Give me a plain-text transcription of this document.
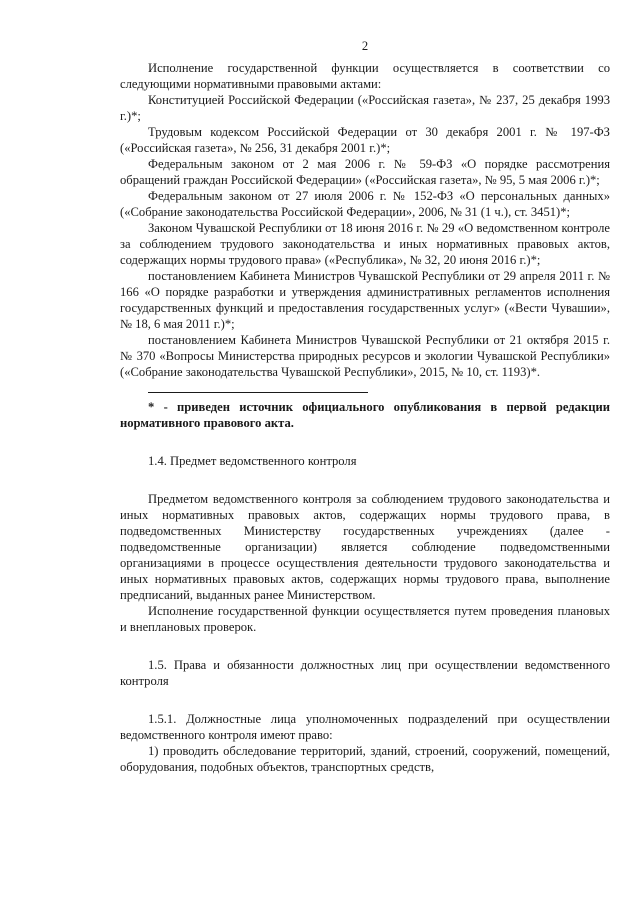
2

Исполнение государственной функции осуществляется в соответствии со следующими нормативными правовыми актами:

Конституцией Российской Федерации («Российская газета», № 237, 25 декабря 1993 г.)*;

Трудовым кодексом Российской Федерации от 30 декабря 2001 г. № 197-ФЗ («Российская газета», № 256, 31 декабря 2001 г.)*;

Федеральным законом от 2 мая 2006 г. № 59-ФЗ «О порядке рассмотрения обращений граждан Российской Федерации» («Российская газета», № 95, 5 мая 2006 г.)*;

Федеральным законом от 27 июля 2006 г. № 152-ФЗ «О персональных данных» («Собрание законодательства Российской Федерации», 2006, № 31 (1 ч.), ст. 3451)*;

Законом Чувашской Республики от 18 июня 2016 г. № 29 «О ведомственном контроле за соблюдением трудового законодательства и иных нормативных правовых актов, содержащих нормы трудового права» («Республика», № 32, 20 июня 2016 г.)*;

постановлением Кабинета Министров Чувашской Республики от 29 апреля 2011 г. № 166 «О порядке разработки и утверждения административных регламентов исполнения государственных функций и предоставления государственных услуг» («Вести Чувашии», № 18, 6 мая 2011 г.)*;

постановлением Кабинета Министров Чувашской Республики от 21 октября 2015 г. № 370 «Вопросы Министерства природных ресурсов и экологии Чувашской Республики» («Собрание законодательства Чувашской Республики», 2015, № 10, ст. 1193)*.

* - приведен источник официального опубликования в первой редакции нормативного правового акта.

1.4. Предмет ведомственного контроля

Предметом ведомственного контроля за соблюдением трудового законодательства и иных нормативных правовых актов, содержащих нормы трудового права, в подведомственных Министерству государственных учреждениях (далее - подведомственные организации) является соблюдение подведомственными организациями в процессе осуществления деятельности трудового законодательства и иных нормативных правовых актов, содержащих нормы трудового права, выполнение предписаний, выданных ранее Министерством.

Исполнение государственной функции осуществляется путем проведения плановых и внеплановых проверок.

1.5. Права и обязанности должностных лиц при осуществлении ведомственного контроля

1.5.1. Должностные лица уполномоченных подразделений при осуществлении ведомственного контроля имеют право:

1) проводить обследование территорий, зданий, строений, сооружений, помещений, оборудования, подобных объектов, транспортных средств,
